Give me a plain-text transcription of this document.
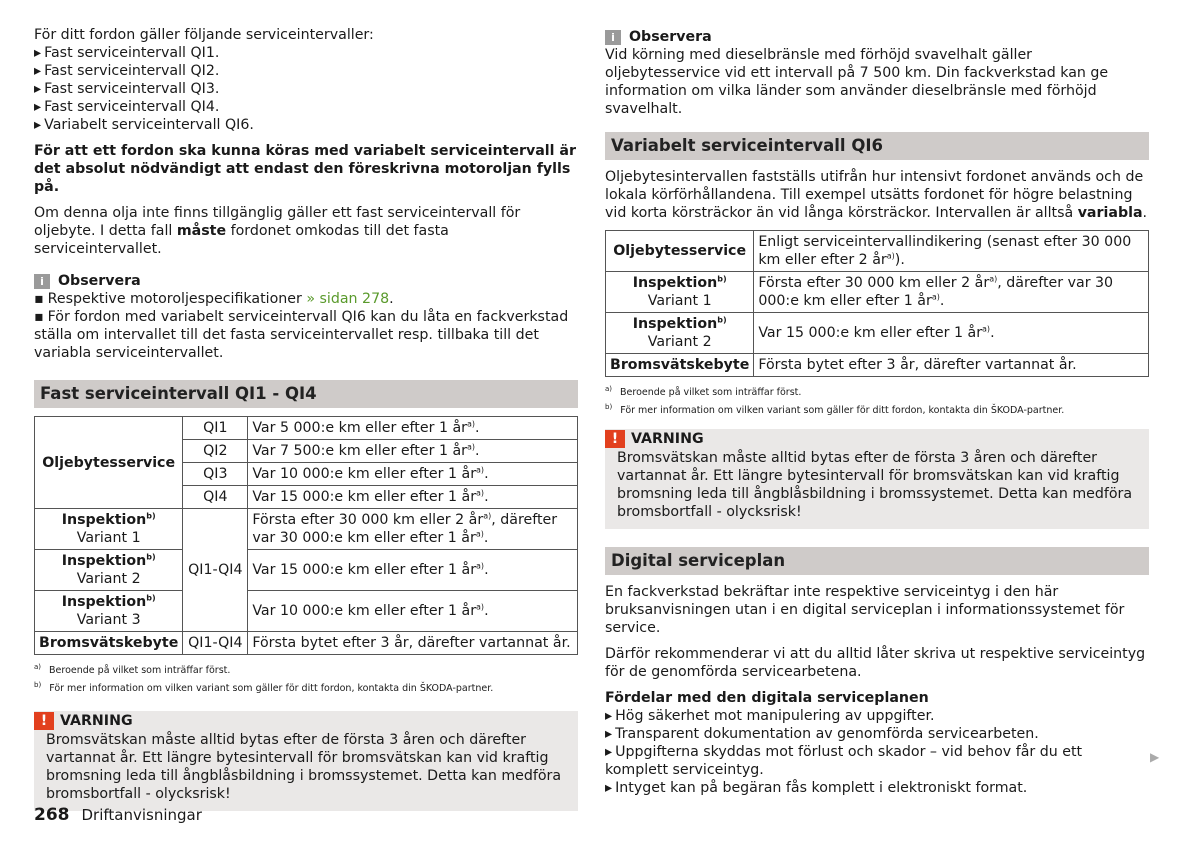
För ditt fordon gäller följande serviceintervaller:

▸ Fast serviceintervall QI1.

▸ Fast serviceintervall QI2.

▸ Fast serviceintervall QI3.

▸ Fast serviceintervall QI4.

▸ Variabelt serviceintervall QI6.

För att ett fordon ska kunna köras med variabelt serviceintervall är det absolut nödvändigt att endast den föreskrivna motoroljan fylls på.

Om denna olja inte finns tillgänglig gäller ett fast serviceintervall för oljebyte. I detta fall måste fordonet omkodas till det fasta serviceintervallet.

i Observera

▪ Respektive motoroljespecifikationer » sidan 278.

▪ För fordon med variabelt serviceintervall QI6 kan du låta en fackverkstad ställa om intervallet till det fasta serviceintervallet resp. tillbaka till det variabla serviceintervallet.

Fast serviceintervall QI1 - QI4
Oljebytesservice	QI1	Var 5 000:e km eller efter 1 $år^{a)}$.
	QI2	Var 7 500:e km eller efter 1 $år^{a)}$.
	QI3	Var 10 000:e km eller efter 1 $år^{a)}$.
	QI4	Var 15 000:e km eller efter 1 $år^{a)}$.
Inspektion$^{b)}$
Variant 1	QI1-QI4	Första efter 30 000 km eller 2 $år^{a)}$, därefter var 30 000:e km eller efter 1 $år^{a)}$.
Inspektion$^{b)}$
Variant 2		Var 15 000:e km eller efter 1 $år^{a)}$.
Inspektion$^{b)}$
Variant 3		Var 10 000:e km eller efter 1 $år^{a)}$.
Bromsvätskebyte	QI1-QI4	Första bytet efter 3 år, därefter vartannat år.

$^{a)}$ Beroende på vilket som inträffar först.

$^{b)}$ För mer information om vilken variant som gäller för ditt fordon, kontakta din ŠKODA-partner.

! VARNING

Bromsvätskan måste alltid bytas efter de första 3 åren och därefter vartannat år. Ett längre bytesintervall för bromsvätskan kan vid kraftig bromsning leda till ångblåsbildning i bromssystemet. Detta kan medföra bromsbortfall - olycksrisk!

i Observera

Vid körning med dieselbränsle med förhöjd svavelhalt gäller oljebytesservice vid ett intervall på 7 500 km. Din fackverkstad kan ge information om vilka länder som använder dieselbränsle med förhöjd svavelhalt.

Variabelt serviceintervall QI6

Oljebytesintervallen fastställs utifrån hur intensivt fordonet används och de lokala körförhållandena. Till exempel utsätts fordonet för högre belastning vid korta körsträckor än vid långa körsträckor. Intervallen är alltså variabla.

Oljebytesservice	Enligt serviceintervallindikering (senast efter 30 000 km eller efter 2 $år^{a)}$).
Inspektion$^{b)}$
Variant 1	Första efter 30 000 km eller 2 $år^{a)}$, därefter var 30 000:e km eller efter 1 $år^{a)}$.
Inspektion$^{b)}$
Variant 2	Var 15 000:e km eller efter 1 $år^{a)}$.
Bromsvätskebyte	Första bytet efter 3 år, därefter vartannat år.

$^{a)}$ Beroende på vilket som inträffar först.

$^{b)}$ För mer information om vilken variant som gäller för ditt fordon, kontakta din ŠKODA-partner.

! VARNING

Bromsvätskan måste alltid bytas efter de första 3 åren och därefter vartannat år. Ett längre bytesintervall för bromsvätskan kan vid kraftig bromsning leda till ångblåsbildning i bromssystemet. Detta kan medföra bromsbortfall - olycksrisk!

Digital serviceplan

En fackverkstad bekräftar inte respektive serviceintyg i den här bruksanvisningen utan i en digital serviceplan i informationssystemet för service.

Därför rekommenderar vi att du alltid låter skriva ut respektive serviceintyg för de genomförda servicearbetena.

Fördelar med den digitala serviceplanen

▸ Hög säkerhet mot manipulering av uppgifter.

▸ Transparent dokumentation av genomförda servicearbeten.

▸ Uppgifterna skyddas mot förlust och skador – vid behov får du ett komplett serviceintyg.

▸ Intyget kan på begäran fås komplett i elektroniskt format.

▶
268 Driftanvisningar
